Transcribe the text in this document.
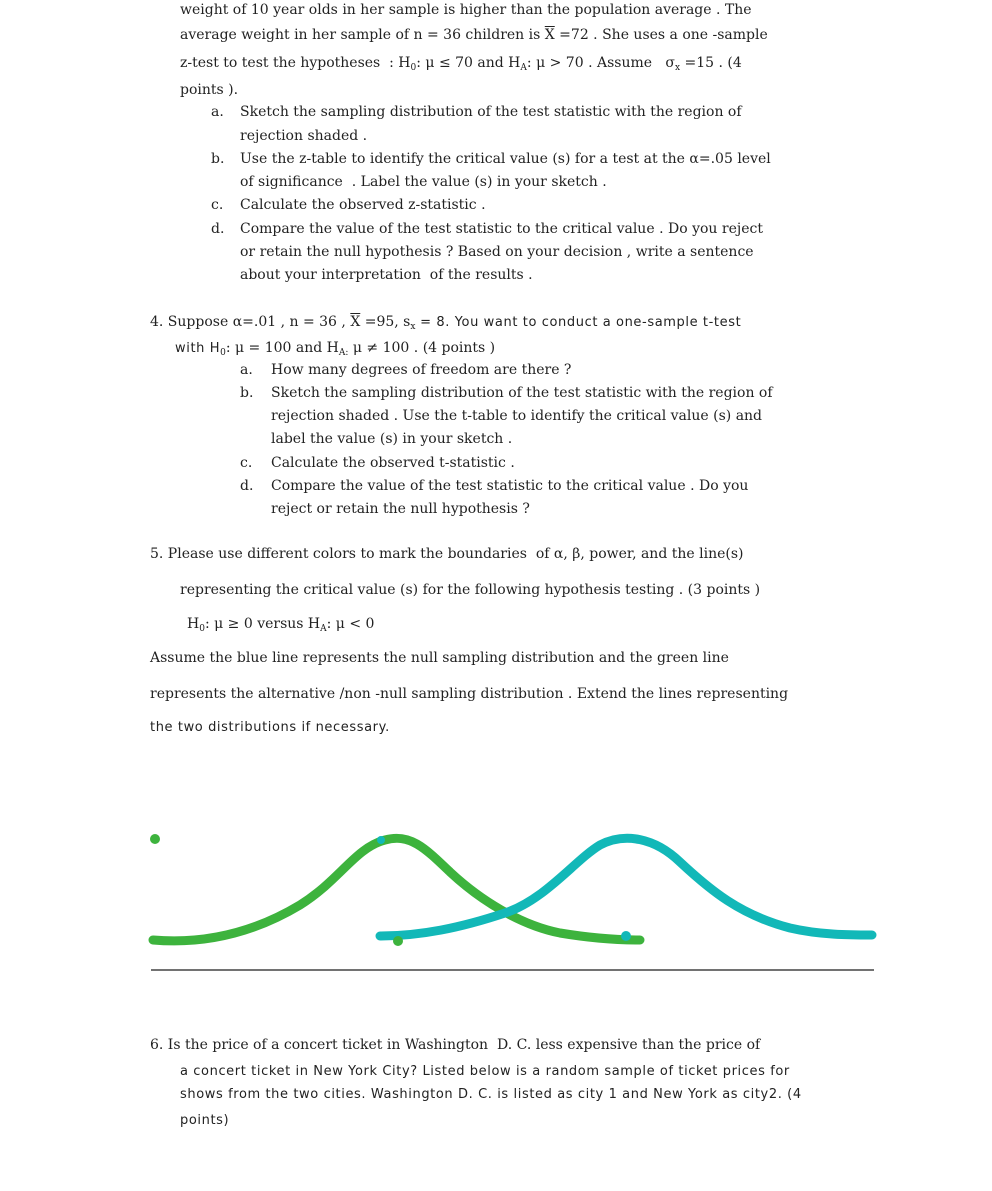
weight of 10 year olds in her sample is higher than the population average . The
average weight in her sample of n = 36 children is $\overline{X} =72$ . She uses a one -sample
z-test to test the hypotheses  : $H_0$: μ ≤ 70 and $H_A$: μ > 70 . Assume $\sigma_x =15$ . (4
points ).
a. Sketch the sampling distribution of the test statistic with the region of
rejection shaded .
b. Use the z-table to identify the critical value (s) for a test at the α=.05 level
of significance  . Label the value (s) in your sketch .
c. Calculate the observed z-statistic .
d. Compare the value of the test statistic to the critical value . Do you reject
or retain the null hypothesis ? Based on your decision , write a sentence
about your interpretation  of the results .
4. Suppose α=.01 , n = 36 , $\overline{X} =95$, $s_x = 8$. You want to conduct a one-sample t-test
with $H_0$: μ = 100 and $H_{A:}$ μ ≠ 100 . (4 points )
a. How many degrees of freedom are there ?
b. Sketch the sampling distribution of the test statistic with the region of
rejection shaded . Use the t-table to identify the critical value (s) and
label the value (s) in your sketch .
c. Calculate the observed t-statistic .
d. Compare the value of the test statistic to the critical value . Do you
reject or retain the null hypothesis ?
5. Please use different colors to mark the boundaries  of α, β, power, and the line(s)
representing the critical value (s) for the following hypothesis testing . (3 points )
$H_0$: μ ≥ 0 versus $H_A$: μ < 0
Assume the blue line represents the null sampling distribution and the green line
represents the alternative /non -null sampling distribution . Extend the lines representing
the two distributions if necessary.
6. Is the price of a concert ticket in Washington  D. C. less expensive than the price of
a concert ticket in New York City? Listed below is a random sample of ticket prices for
shows from the two cities. Washington D. C. is listed as city 1 and New York as city2. (4
points)
